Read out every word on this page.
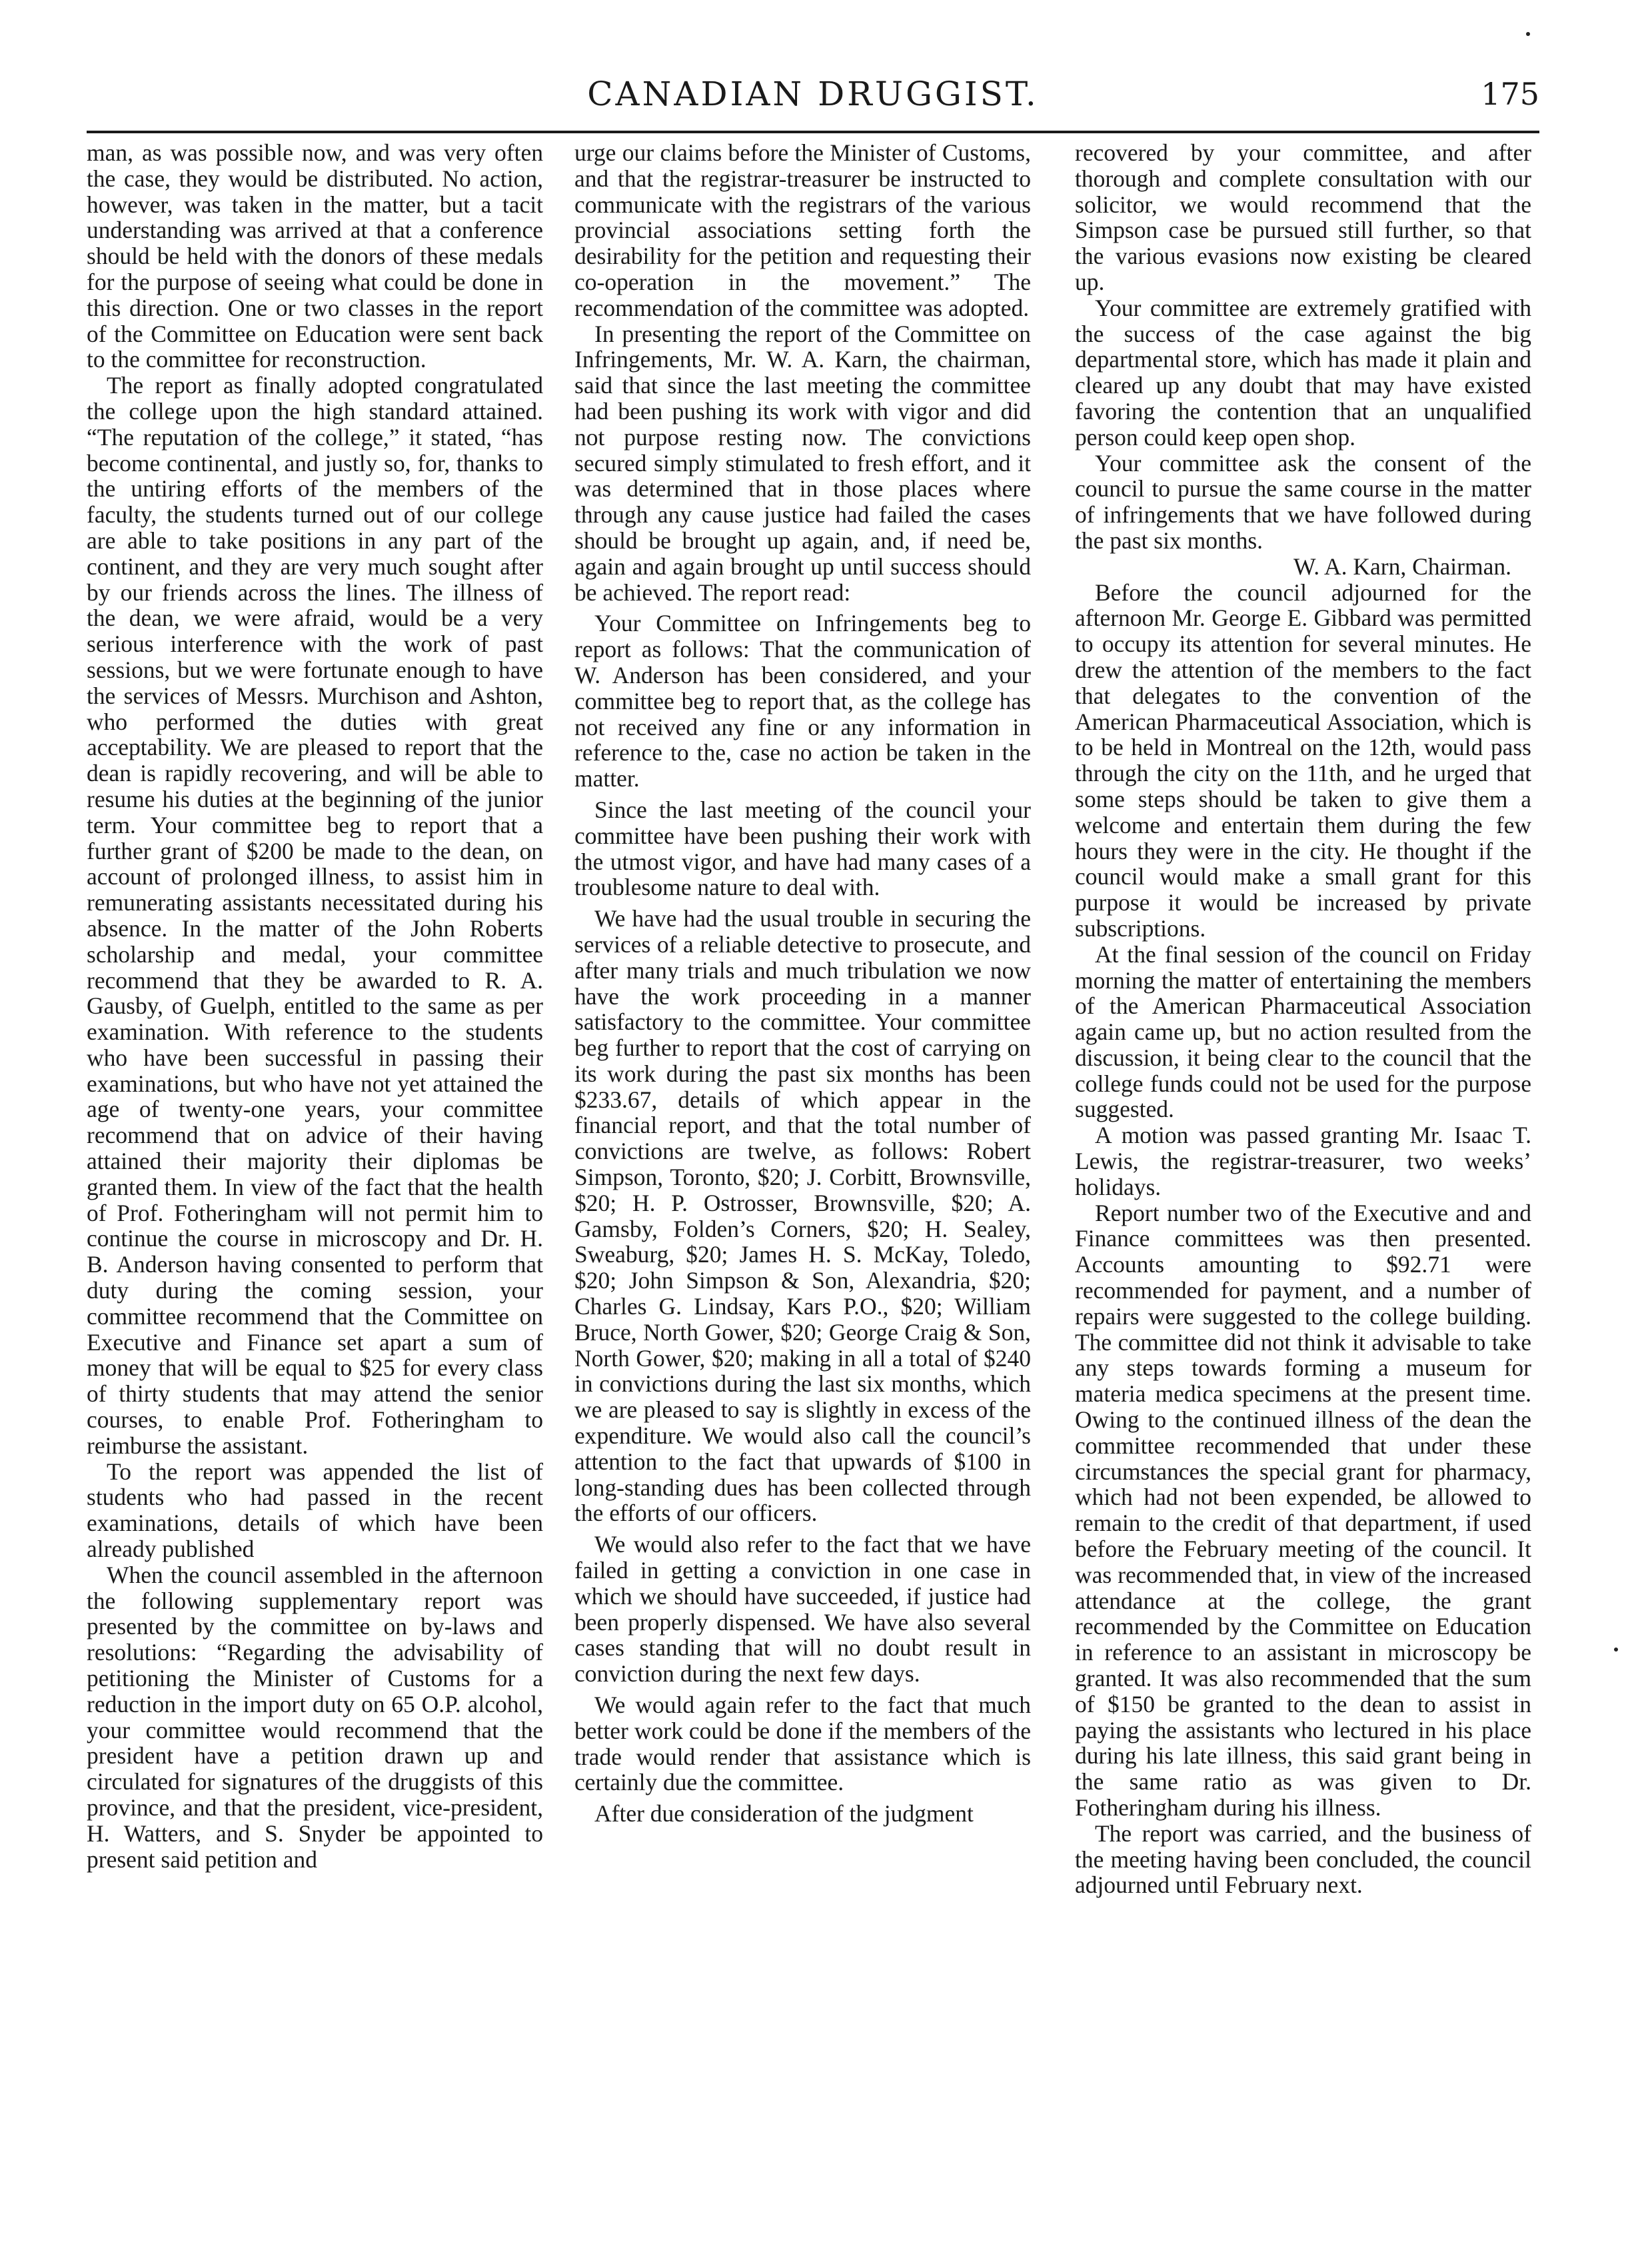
CANADIAN DRUGGIST.	175

man, as was possible now, and was very often the case, they would be distributed. No action, however, was taken in the matter, but a tacit understanding was arrived at that a conference should be held with the donors of these medals for the purpose of seeing what could be done in this direction. One or two classes in the report of the Committee on Education were sent back to the committee for reconstruction.

The report as finally adopted congratulated the college upon the high standard attained. “The reputation of the college,” it stated, “has become continental, and justly so, for, thanks to the untiring efforts of the members of the faculty, the students turned out of our college are able to take positions in any part of the continent, and they are very much sought after by our friends across the lines. The illness of the dean, we were afraid, would be a very serious interference with the work of past sessions, but we were fortunate enough to have the services of Messrs. Murchison and Ashton, who performed the duties with great acceptability. We are pleased to report that the dean is rapidly recovering, and will be able to resume his duties at the beginning of the junior term. Your committee beg to report that a further grant of $200 be made to the dean, on account of prolonged illness, to assist him in remunerating assistants necessitated during his absence. In the matter of the John Roberts scholarship and medal, your committee recommend that they be awarded to R. A. Gausby, of Guelph, entitled to the same as per examination. With reference to the students who have been successful in passing their examinations, but who have not yet attained the age of twenty-one years, your committee recommend that on advice of their having attained their majority their diplomas be granted them. In view of the fact that the health of Prof. Fotheringham will not permit him to continue the course in microscopy and Dr. H. B. Anderson having consented to perform that duty during the coming session, your committee recommend that the Committee on Executive and Finance set apart a sum of money that will be equal to $25 for every class of thirty students that may attend the senior courses, to enable Prof. Fotheringham to reimburse the assistant.

To the report was appended the list of students who had passed in the recent examinations, details of which have been already published

When the council assembled in the afternoon the following supplementary report was presented by the committee on by-laws and resolutions: “Regarding the advisability of petitioning the Minister of Customs for a reduction in the import duty on 65 O.P. alcohol, your committee would recommend that the president have a petition drawn up and circulated for signatures of the druggists of this province, and that the president, vice-president, H. Watters, and S. Snyder be appointed to present said petition and

urge our claims before the Minister of Customs, and that the registrar-treasurer be instructed to communicate with the registrars of the various provincial associations setting forth the desirability for the petition and requesting their co-operation in the movement.” The recommendation of the committee was adopted.

In presenting the report of the Committee on Infringements, Mr. W. A. Karn, the chairman, said that since the last meeting the committee had been pushing its work with vigor and did not purpose resting now. The convictions secured simply stimulated to fresh effort, and it was determined that in those places where through any cause justice had failed the cases should be brought up again, and, if need be, again and again brought up until success should be achieved. The report read:

Your Committee on Infringements beg to report as follows: That the communication of W. Anderson has been considered, and your committee beg to report that, as the college has not received any fine or any information in reference to the, case no action be taken in the matter.

Since the last meeting of the council your committee have been pushing their work with the utmost vigor, and have had many cases of a troublesome nature to deal with.

We have had the usual trouble in securing the services of a reliable detective to prosecute, and after many trials and much tribulation we now have the work proceeding in a manner satisfactory to the committee. Your committee beg further to report that the cost of carrying on its work during the past six months has been $233.67, details of which appear in the financial report, and that the total number of convictions are twelve, as follows: Robert Simpson, Toronto, $20; J. Corbitt, Brownsville, $20; H. P. Ostrosser, Brownsville, $20; A. Gamsby, Folden’s Corners, $20; H. Sealey, Sweaburg, $20; James H. S. McKay, Toledo, $20; John Simpson & Son, Alexandria, $20; Charles G. Lindsay, Kars P.O., $20; William Bruce, North Gower, $20; George Craig & Son, North Gower, $20; making in all a total of $240 in convictions during the last six months, which we are pleased to say is slightly in excess of the expenditure. We would also call the council’s attention to the fact that upwards of $100 in long-standing dues has been collected through the efforts of our officers.

We would also refer to the fact that we have failed in getting a conviction in one case in which we should have succeeded, if justice had been properly dispensed. We have also several cases standing that will no doubt result in conviction during the next few days.

We would again refer to the fact that much better work could be done if the members of the trade would render that assistance which is certainly due the committee.

After due consideration of the judgment

recovered by your committee, and after thorough and complete consultation with our solicitor, we would recommend that the Simpson case be pursued still further, so that the various evasions now existing be cleared up.

Your committee are extremely gratified with the success of the case against the big departmental store, which has made it plain and cleared up any doubt that may have existed favoring the contention that an unqualified person could keep open shop.

Your committee ask the consent of the council to pursue the same course in the matter of infringements that we have followed during the past six months.

W. A. Karn, Chairman.

Before the council adjourned for the afternoon Mr. George E. Gibbard was permitted to occupy its attention for several minutes. He drew the attention of the members to the fact that delegates to the convention of the American Pharmaceutical Association, which is to be held in Montreal on the 12th, would pass through the city on the 11th, and he urged that some steps should be taken to give them a welcome and entertain them during the few hours they were in the city. He thought if the council would make a small grant for this purpose it would be increased by private subscriptions.

At the final session of the council on Friday morning the matter of entertaining the members of the American Pharmaceutical Association again came up, but no action resulted from the discussion, it being clear to the council that the college funds could not be used for the purpose suggested.

A motion was passed granting Mr. Isaac T. Lewis, the registrar-treasurer, two weeks’ holidays.

Report number two of the Executive and and Finance committees was then presented. Accounts amounting to $92.71 were recommended for payment, and a number of repairs were suggested to the college building. The committee did not think it advisable to take any steps towards forming a museum for materia medica specimens at the present time. Owing to the continued illness of the dean the committee recommended that under these circumstances the special grant for pharmacy, which had not been expended, be allowed to remain to the credit of that department, if used before the February meeting of the council. It was recommended that, in view of the increased attendance at the college, the grant recommended by the Committee on Education in reference to an assistant in microscopy be granted. It was also recommended that the sum of $150 be granted to the dean to assist in paying the assistants who lectured in his place during his late illness, this said grant being in the same ratio as was given to Dr. Fotheringham during his illness.

The report was carried, and the business of the meeting having been concluded, the council adjourned until February next.
